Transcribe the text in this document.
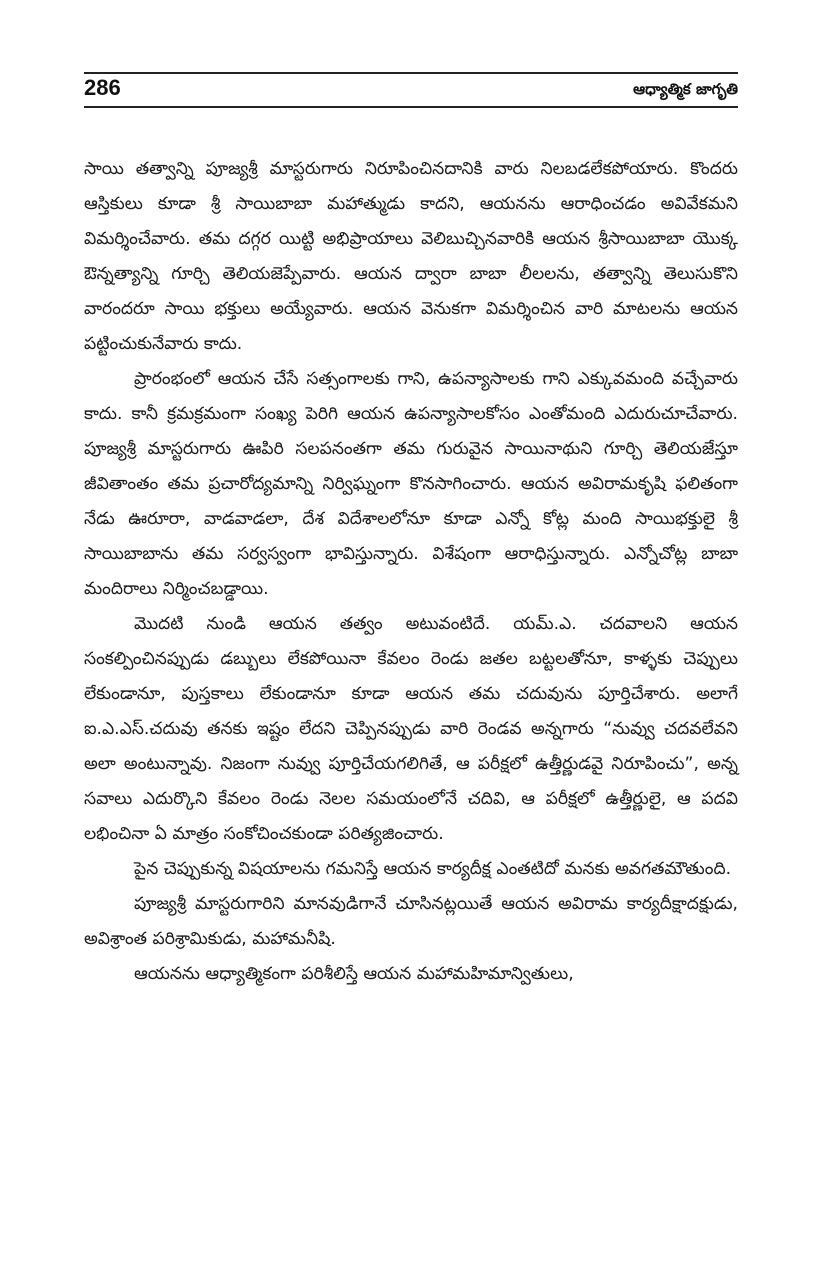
286	ఆధ్యాత్మిక జాగృతి

సాయి తత్వాన్ని పూజ్యశ్రీ మాస్టరుగారు నిరూపించినదానికి వారు నిలబడలేకపోయారు. కొందరు ఆస్తికులు కూడా శ్రీ సాయిబాబా మహాత్ముడు కాదని, ఆయనను ఆరాధించడం అవివేకమని విమర్శించేవారు. తమ దగ్గర యిట్టి అభిప్రాయాలు వెలిబుచ్చినవారికి ఆయన శ్రీసాయిబాబా యొక్క ఔన్నత్యాన్ని గూర్చి తెలియజెప్పేవారు. ఆయన ద్వారా బాబా లీలలను, తత్వాన్ని తెలుసుకొని వారందరూ సాయి భక్తులు అయ్యేవారు. ఆయన వెనుకగా విమర్శించిన వారి మాటలను ఆయన పట్టించుకునేవారు కాదు.

ప్రారంభంలో ఆయన చేసే సత్సంగాలకు గాని, ఉపన్యాసాలకు గాని ఎక్కువమంది వచ్చేవారు కాదు. కానీ క్రమక్రమంగా సంఖ్య పెరిగి ఆయన ఉపన్యాసాలకోసం ఎంతోమంది ఎదురుచూచేవారు. పూజ్యశ్రీ మాస్టరుగారు ఊపిరి సలపనంతగా తమ గురువైన సాయినాథుని గూర్చి తెలియజేస్తూ జీవితాంతం తమ ప్రచారోద్యమాన్ని నిర్విఘ్నంగా కొనసాగించారు. ఆయన అవిరామకృషి ఫలితంగా నేడు ఊరూరా, వాడవాడలా, దేశ విదేశాలలోనూ కూడా ఎన్నో కోట్ల మంది సాయిభక్తులై శ్రీ సాయిబాబాను తమ సర్వస్వంగా భావిస్తున్నారు. విశేషంగా ఆరాధిస్తున్నారు. ఎన్నోచోట్ల బాబా మందిరాలు నిర్మించబడ్డాయి.

మొదటి నుండి ఆయన తత్వం అటువంటిదే. యమ్.ఎ. చదవాలని ఆయన సంకల్పించినప్పుడు డబ్బులు లేకపోయినా కేవలం రెండు జతల బట్టలతోనూ, కాళ్ళకు చెప్పులు లేకుండానూ, పుస్తకాలు లేకుండానూ కూడా ఆయన తమ చదువును పూర్తిచేశారు. అలాగే ఐ.ఎ.ఎస్.చదువు తనకు ఇష్టం లేదని చెప్పినప్పుడు వారి రెండవ అన్నగారు “నువ్వు చదవలేవని అలా అంటున్నావు. నిజంగా నువ్వు పూర్తిచేయగలిగితే, ఆ పరీక్షలో ఉత్తీర్ణుడవై నిరూపించు”, అన్న సవాలు ఎదుర్కొని కేవలం రెండు నెలల సమయంలోనే చదివి, ఆ పరీక్షలో ఉత్తీర్ణులై, ఆ పదవి లభించినా ఏ మాత్రం సంకోచించకుండా పరిత్యజించారు.

పైన చెప్పుకున్న విషయాలను గమనిస్తే ఆయన కార్యదీక్ష ఎంతటిదో మనకు అవగతమౌతుంది.

పూజ్యశ్రీ మాస్టరుగారిని మానవుడిగానే చూసినట్లయితే ఆయన అవిరామ కార్యదీక్షాదక్షుడు, అవిశ్రాంత పరిశ్రామికుడు, మహామనీషి.

ఆయనను ఆధ్యాత్మికంగా పరిశీలిస్తే ఆయన మహామహిమాన్వితులు,
